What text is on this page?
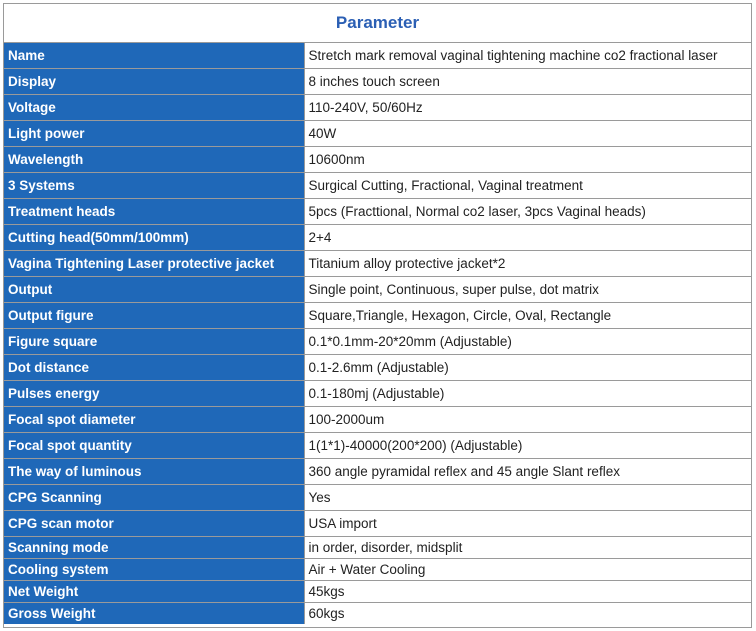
Parameter
Name	Stretch mark removal vaginal tightening machine co2 fractional laser
Display	8 inches touch screen
Voltage	110-240V, 50/60Hz
Light power	40W
Wavelength	10600nm
3 Systems	Surgical Cutting, Fractional, Vaginal treatment
Treatment heads	5pcs (Fracttional, Normal co2 laser, 3pcs Vaginal heads)
Cutting head(50mm/100mm)	2+4
Vagina Tightening Laser protective jacket	Titanium alloy protective jacket*2
Output	Single point, Continuous, super pulse, dot matrix
Output figure	Square,Triangle, Hexagon, Circle, Oval, Rectangle
Figure square	0.1*0.1mm-20*20mm (Adjustable)
Dot distance	0.1-2.6mm (Adjustable)
Pulses energy	0.1-180mj (Adjustable)
Focal spot diameter	100-2000um
Focal spot quantity	1(1*1)-40000(200*200) (Adjustable)
The way of luminous	360 angle pyramidal reflex and 45 angle Slant reflex
CPG Scanning	Yes
CPG scan motor	USA import
Scanning mode	in order, disorder, midsplit
Cooling system	Air + Water Cooling
Net Weight	45kgs
Gross Weight	60kgs
